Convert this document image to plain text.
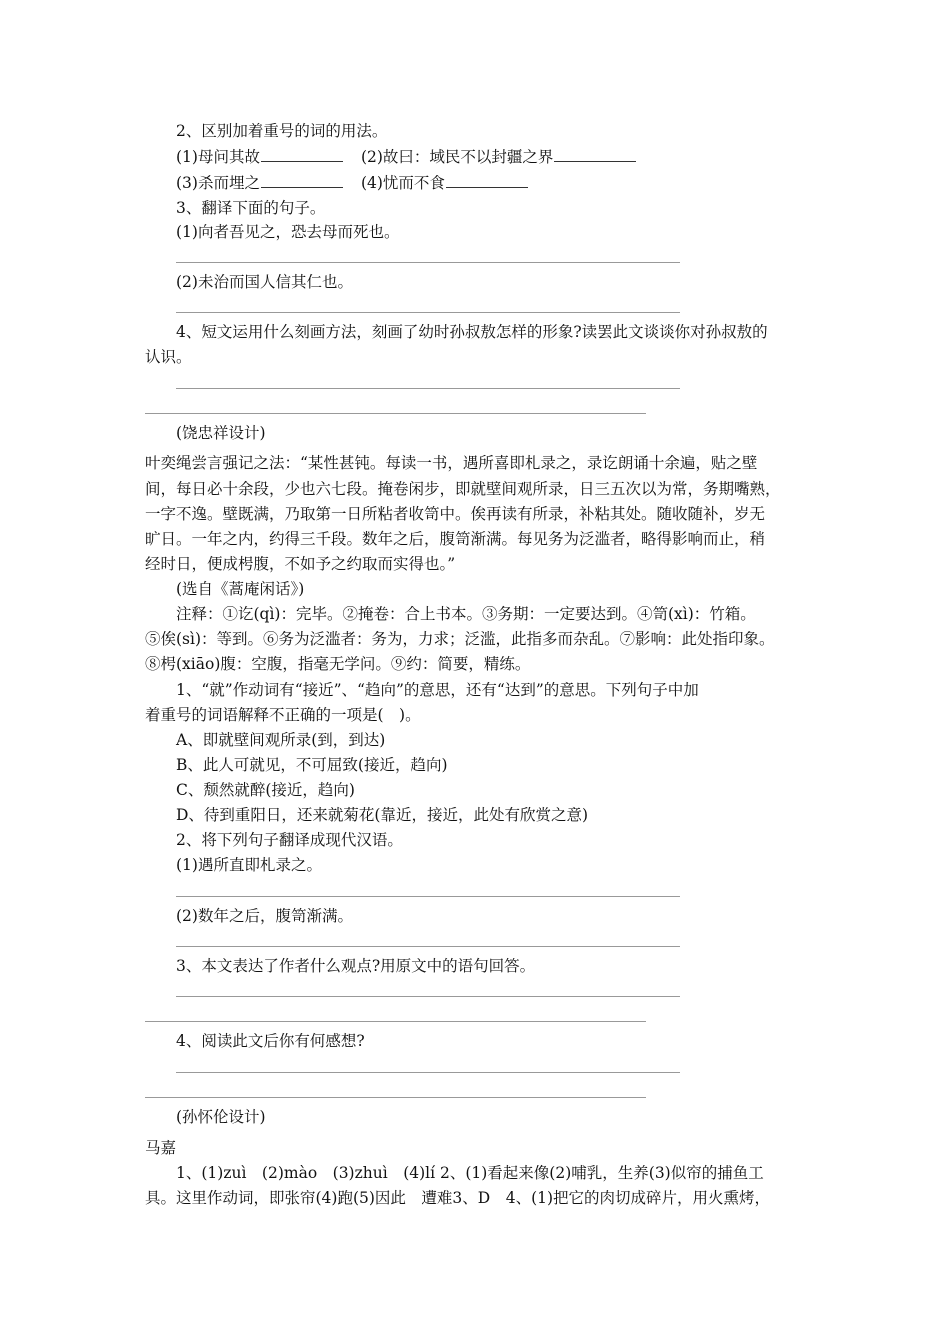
2、区别加着重号的词的用法。
(1)母问其故	(2)故曰：域民不以封疆之界
(3)杀而埋之	(4)忧而不食
3、翻译下面的句子。
(1)向者吾见之，恐去母而死也。
(2)未治而国人信其仁也。
4、短文运用什么刻画方法，刻画了幼时孙叔敖怎样的形象?读罢此文谈谈你对孙叔敖的
认识。
(饶忠祥设计)
叶奕绳尝言强记之法：“某性甚钝。每读一书，遇所喜即札录之，录讫朗诵十余遍，贴之壁
间，每日必十余段，少也六七段。掩卷闲步，即就壁间观所录，日三五次以为常，务期嘴熟，
一字不逸。壁既满，乃取第一日所粘者收笥中。俟再读有所录，补粘其处。随收随补，岁无
旷日。一年之内，约得三千段。数年之后，腹笥渐满。每见务为泛滥者，略得影响而止，稍
经时日，便成枵腹，不如予之约取而实得也。”
(选自《蒿庵闲话》)
注释：①讫(qì)：完毕。②掩卷：合上书本。③务期：一定要达到。④笥(xì)：竹箱。
⑤俟(sì)：等到。⑥务为泛滥者：务为，力求；泛滥，此指多而杂乱。⑦影响：此处指印象。
⑧枵(xiāo)腹：空腹，指毫无学问。⑨约：简要，精练。
1、“就”作动词有“接近”、“趋向”的意思，还有“达到”的意思。下列句子中加
着重号的词语解释不正确的一项是(　)。
A、即就壁间观所录(到，到达)
B、此人可就见，不可屈致(接近，趋向)
C、颓然就醉(接近，趋向)
D、待到重阳日，还来就菊花(靠近，接近，此处有欣赏之意)
2、将下列句子翻译成现代汉语。
(1)遇所直即札录之。
(2)数年之后，腹笥渐满。
3、本文表达了作者什么观点?用原文中的语句回答。
4、阅读此文后你有何感想?
(孙怀伦设计)
马嘉
1、(1)zuì　(2)mào　(3)zhuì　(4)lí 2、(1)看起来像(2)哺乳，生养(3)似帘的捕鱼工
具。这里作动词，即张帘(4)跑(5)因此　遭难3、D　4、(1)把它的肉切成碎片，用火熏烤，
